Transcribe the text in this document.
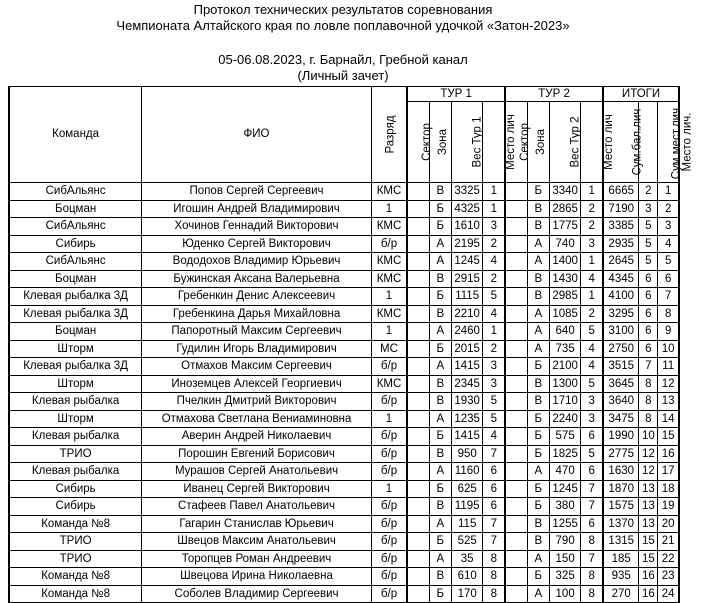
Протокол технических результатов соревнования
Чемпионата Алтайского края по ловле поплавочной удочкой «Затон-2023»
05-06.08.2023, г. Барнайл, Гребной канал
(Личный зачет)
Команда	ФИО	Разряд	ТУР 1				ТУР 2				ИТОГИ		
			Сектор	Зона	Вес Тур 1	Место лич	Сектор	Зона	Вес Тур 2	Место лич	Сум.бал.лич	Сум.мест.лич.	Место лич.
СибАльянс	Попов Сергей Сергеевич	КМС		В	3325	1		Б	3340	1	6665	2	1
Боцман	Игошин Андрей Владимирович	1		Б	4325	1		В	2865	2	7190	3	2
СибАльянс	Хочинов Геннадий Викторович	КМС		Б	1610	3		В	1775	2	3385	5	3
Сибирь	Юденко Сергей Викторович	б/р		А	2195	2		А	740	3	2935	5	4
СибАльянс	Вододохов Владимир Юрьевич	КМС		А	1245	4		А	1400	1	2645	5	5
Боцман	Бужинская Аксана Валерьевна	КМС		В	2915	2		В	1430	4	4345	6	6
Клевая рыбалка 3Д	Гребенкин Денис Алексеевич	1		Б	1115	5		В	2985	1	4100	6	7
Клевая рыбалка 3Д	Гребенкина Дарья Михайловна	КМС		В	2210	4		А	1085	2	3295	6	8
Боцман	Папоротный Максим Сергеевич	1		А	2460	1		А	640	5	3100	6	9
Шторм	Гудилин Игорь Владимирович	МС		Б	2015	2		А	735	4	2750	6	10
Клевая рыбалка 3Д	Отмахов Максим Сергеевич	б/р		А	1415	3		Б	2100	4	3515	7	11
Шторм	Иноземцев Алексей Георгиевич	КМС		В	2345	3		В	1300	5	3645	8	12
Клевая рыбалка	Пчелкин Дмитрий Викторович	б/р		В	1930	5		В	1710	3	3640	8	13
Шторм	Отмахова Светлана Вениаминовна	1		А	1235	5		Б	2240	3	3475	8	14
Клевая рыбалка	Аверин Андрей Николаевич	б/р		Б	1415	4		Б	575	6	1990	10	15
ТРИО	Порошин Евгений Борисович	б/р		В	950	7		Б	1825	5	2775	12	16
Клевая рыбалка	Мурашов Сергей Анатольевич	б/р		А	1160	6		А	470	6	1630	12	17
Сибирь	Иванец Сергей Викторович	1		Б	625	6		Б	1245	7	1870	13	18
Сибирь	Стафеев Павел Анатольевич	б/р		В	1195	6		Б	380	7	1575	13	19
Команда №8	Гагарин Станислав Юрьевич	б/р		А	115	7		В	1255	6	1370	13	20
ТРИО	Швецов Максим Анатольевич	б/р		Б	525	7		В	790	8	1315	15	21
ТРИО	Торопцев Роман Андреевич	б/р		А	35	8		А	150	7	185	15	22
Команда №8	Швецова Ирина Николаевна	б/р		В	610	8		Б	325	8	935	16	23
Команда №8	Соболев Владимир Сергеевич	б/р		Б	170	8		А	100	8	270	16	24
